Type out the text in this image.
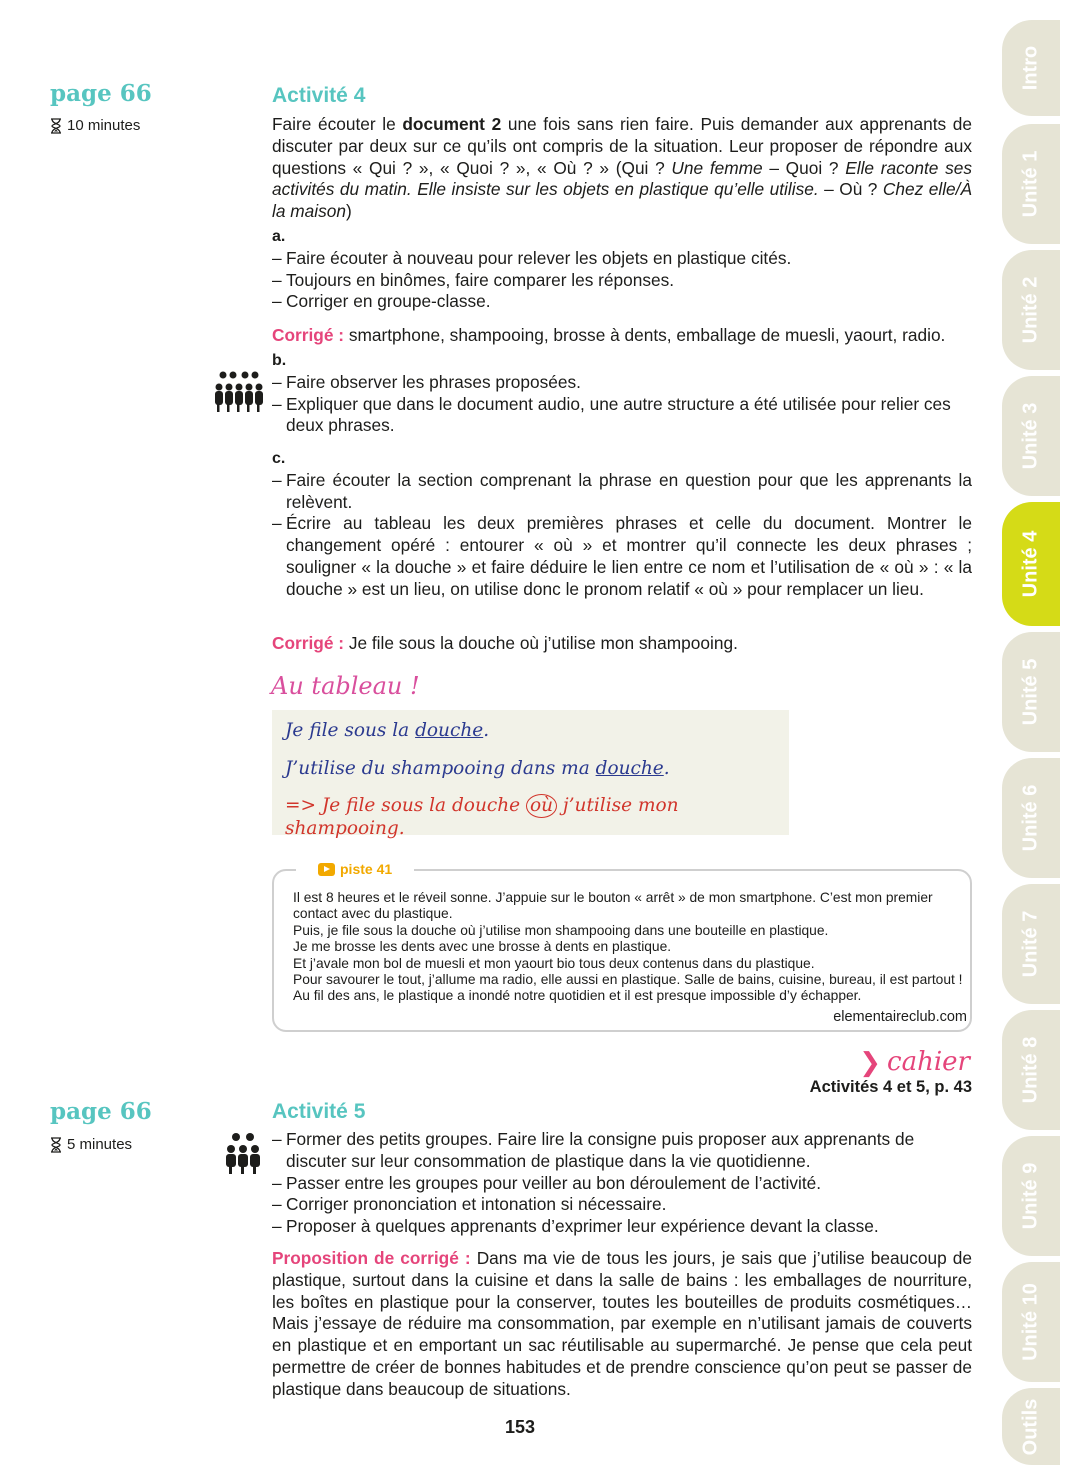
page 66
10 minutes
Activité 4

Faire écouter le document 2 une fois sans rien faire. Puis demander aux apprenants de discuter par deux sur ce qu’ils ont compris de la situation. Leur proposer de répondre aux questions « Qui ? », « Quoi ? », « Où ? » (Qui ? Une femme – Quoi ? Elle raconte ses activités du matin. Elle insiste sur les objets en plastique qu’elle utilise. – Où ? Chez elle/À la maison)

a.

– Faire écouter à nouveau pour relever les objets en plastique cités.

– Toujours en binômes, faire comparer les réponses.

– Corriger en groupe-classe.

Corrigé : smartphone, shampooing, brosse à dents, emballage de muesli, yaourt, radio.

b.

– Faire observer les phrases proposées.

– Expliquer que dans le document audio, une autre structure a été utilisée pour relier ces deux phrases.

c.

– Faire écouter la section comprenant la phrase en question pour que les apprenants la relèvent.

– Écrire au tableau les deux premières phrases et celle du document. Montrer le changement opéré : entourer « où » et montrer qu’il connecte les deux phrases ; souligner « la douche » et faire déduire le lien entre ce nom et l’utilisation de « où » : « la douche » est un lieu, on utilise donc le pronom relatif « où » pour remplacer un lieu.

Corrigé : Je file sous la douche où j’utilise mon shampooing.

Au tableau !
Je file sous la douche.
J’utilise du shampooing dans ma douche.
=> Je file sous la douche où j’utilise mon shampooing.
piste 41

Il est 8 heures et le réveil sonne. J’appuie sur le bouton « arrêt » de mon smartphone. C’est mon premier contact avec du plastique.

Puis, je file sous la douche où j’utilise mon shampooing dans une bouteille en plastique.

Je me brosse les dents avec une brosse à dents en plastique.

Et j’avale mon bol de muesli et mon yaourt bio tous deux contenus dans du plastique.

Pour savourer le tout, j’allume ma radio, elle aussi en plastique. Salle de bains, cuisine, bureau, il est partout ! Au fil des ans, le plastique a inondé notre quotidien et il est presque impossible d’y échapper.

elementaireclub.com
❯ cahier
Activités 4 et 5, p. 43
page 66
5 minutes
Activité 5

– Former des petits groupes. Faire lire la consigne puis proposer aux apprenants de discuter sur leur consommation de plastique dans la vie quotidienne.

– Passer entre les groupes pour veiller au bon déroulement de l’activité.

– Corriger prononciation et intonation si nécessaire.

– Proposer à quelques apprenants d’exprimer leur expérience devant la classe.

Proposition de corrigé : Dans ma vie de tous les jours, je sais que j’utilise beaucoup de plastique, surtout dans la cuisine et dans la salle de bains : les emballages de nourriture, les boîtes en plastique pour la conserver, toutes les bouteilles de produits cosmétiques… Mais j’essaye de réduire ma consommation, par exemple en n’utilisant jamais de couverts en plastique et en emportant un sac réutilisable au supermarché. Je pense que cela peut permettre de créer de bonnes habitudes et de prendre conscience qu’on peut se passer de plastique dans beaucoup de situations.

153
Intro
Unité 1
Unité 2
Unité 3
Unité 4
Unité 5
Unité 6
Unité 7
Unité 8
Unité 9
Unité 10
Outils
